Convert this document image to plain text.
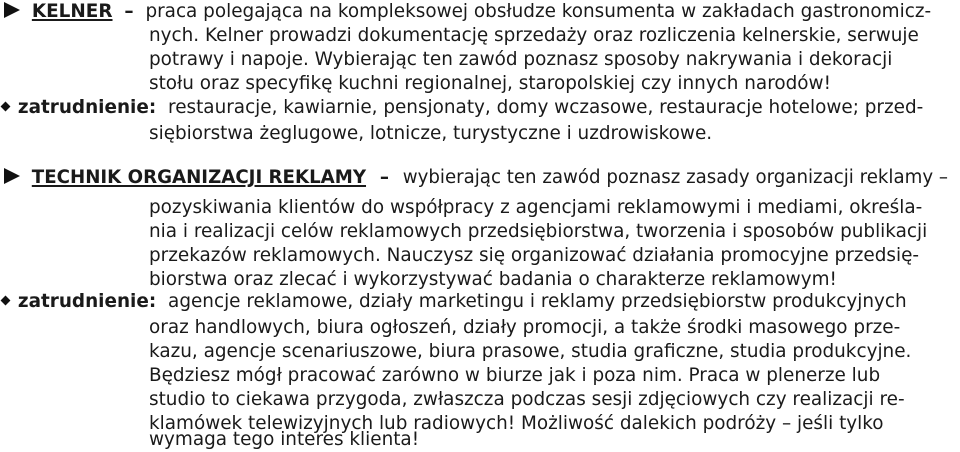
KELNER – praca polegająca na kompleksowej obsłudze konsumenta w zakładach gastronomicz-
nych. Kelner prowadzi dokumentację sprzedaży oraz rozliczenia kelnerskie, serwuje
potrawy i napoje. Wybierając ten zawód poznasz sposoby nakrywania i dekoracji
stołu oraz specyfikę kuchni regionalnej, staropolskiej czy innych narodów!
zatrudnienie: restauracje, kawiarnie, pensjonaty, domy wczasowe, restauracje hotelowe; przed-
siębiorstwa żeglugowe, lotnicze, turystyczne i uzdrowiskowe.
TECHNIK ORGANIZACJI REKLAMY – wybierając ten zawód poznasz zasady organizacji reklamy –
pozyskiwania klientów do współpracy z agencjami reklamowymi i mediami, określa-
nia i realizacji celów reklamowych przedsiębiorstwa, tworzenia i sposobów publikacji
przekazów reklamowych. Nauczysz się organizować działania promocyjne przedsię-
biorstwa oraz zlecać i wykorzystywać badania o charakterze reklamowym!
zatrudnienie: agencje reklamowe, działy marketingu i reklamy przedsiębiorstw produkcyjnych
oraz handlowych, biura ogłoszeń, działy promocji, a także środki masowego prze-
kazu, agencje scenariuszowe, biura prasowe, studia graficzne, studia produkcyjne.
Będziesz mógł pracować zarówno w biurze jak i poza nim. Praca w plenerze lub
studio to ciekawa przygoda, zwłaszcza podczas sesji zdjęciowych czy realizacji re-
klamówek telewizyjnych lub radiowych! Możliwość dalekich podróży – jeśli tylko
wymaga tego interes klienta!
